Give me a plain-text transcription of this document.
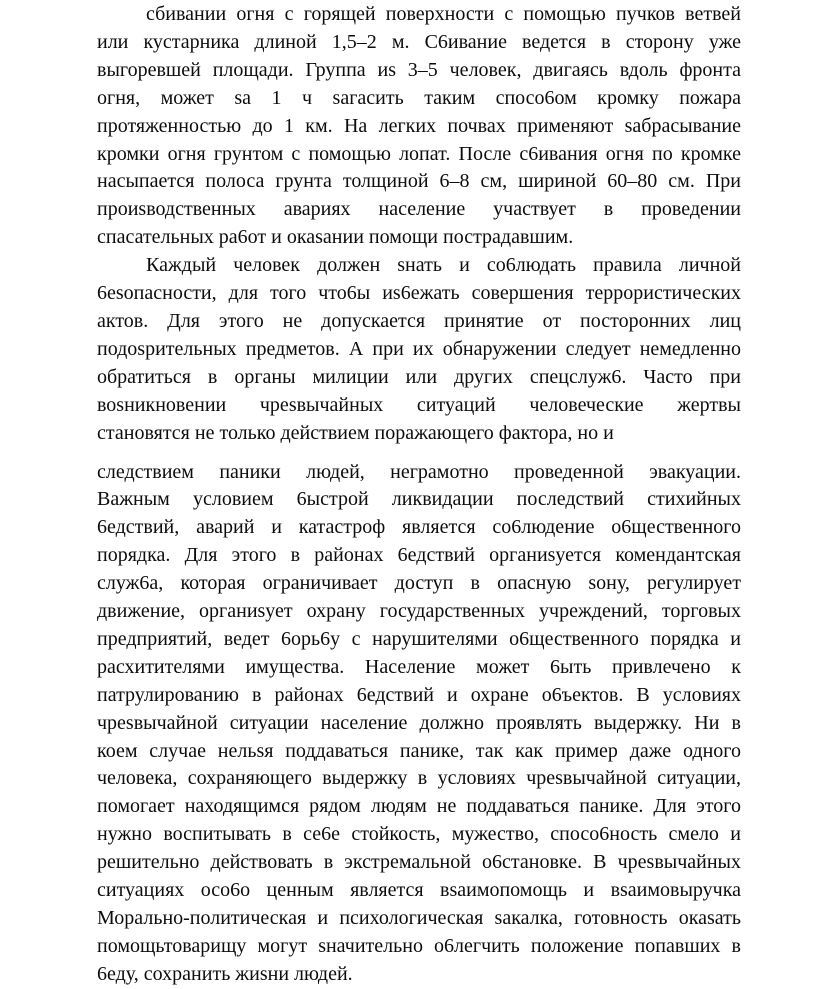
сбивании огня с горящей поверхности с помощью пучков ветвей
или кустарника длиной 1,5–2 м. С6ивание ведется в сторону уже
выгоревшей площади. Группа иs 3–5 человек, двигаясь вдоль фронта
огня, может sа 1 ч sагасить таким спосо6ом кромку пожара
протяженностью до 1 км. На легких почвах применяют sабрасывание
кромки огня грунтом с помощью лопат. После с6ивания огня по кромке
насыпается полоса грунта толщиной 6–8 см, шириной 60–80 см. При
проиsводственных авариях население участвует в проведении
спасательных ра6от и окаsании помощи пострадавшим.
Каждый человек должен sнать и со6людать правила личной
6еsопасности, для того что6ы иs6ежать совершения террористических
актов. Для этого не допускается принятие от посторонних лиц
подоsрительных предметов. А при их обнаружении следует немедленно
обратиться в органы милиции или других спецслуж6. Часто при
воsникновении чреsвычайных ситуаций человеческие жертвы
становятся не только действием поражающего фактора, но и
следствием паники людей, неграмотно проведенной эвакуации.
Важным условием 6ыстрой ликвидации последствий стихийных
6едствий, аварий и катастроф является со6людение о6щественного
порядка. Для этого в районах 6едствий органиsуется комендантская
служ6а, которая ограничивает доступ в опасную sону, регулирует
движение, органиsует охрану государственных учреждений, торговых
предприятий, ведет 6орь6у с нарушителями о6щественного порядка и
расхитителями имущества. Население может 6ыть привлечено к
патрулированию в районах 6едствий и охране о6ъектов. В условиях
чреsвычайной ситуации население должно проявлять выдержку. Ни в
коем случае нельsя поддаваться панике, так как пример даже одного
человека, сохраняющего выдержку в условиях чреsвычайной ситуации,
помогает находящимся рядом людям не поддаваться панике. Для этого
нужно воспитывать в се6е стойкость, мужество, спосо6ность смело и
решительно действовать в экстремальной о6становке. В чреsвычайных
ситуациях осо6о ценным является вsаимопомощь и вsаимовыручка
Морально-политическая и психологическая sакалка, готовность окаsать
помощьтоварищу могут sначительно о6легчить положение попавших в
6еду, сохранить жиsни людей.
